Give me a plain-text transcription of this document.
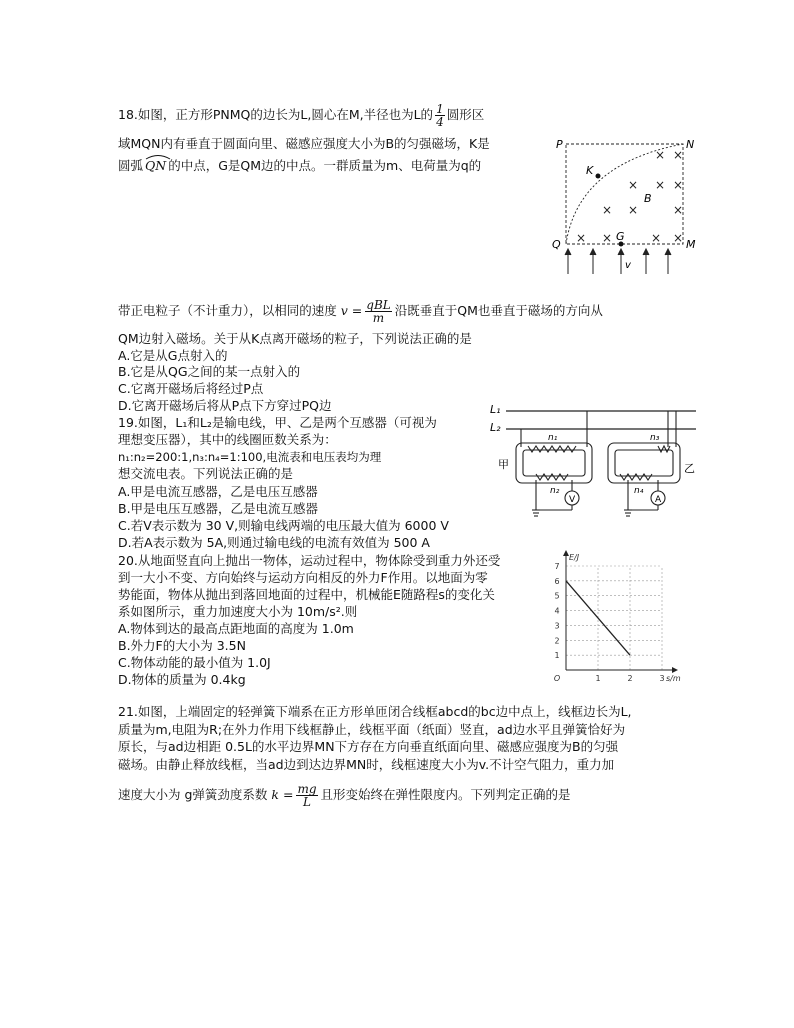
18.如图，正方形PNMQ的边长为L,圆心在M,半径也为L的 $\frac{1}{4}$ 圆形区
域MQN内有垂直于圆面向里、磁感应强度大小为B的匀强磁场，K是
圆弧 QN 的中点，G是QM边的中点。一群质量为m、电荷量为q的
带正电粒子（不计重力），以相同的速度 $v = \frac{\text{qBL}}{m}$ 沿既垂直于QM也垂直于磁场的方向从
QM边射入磁场。关于从K点离开磁场的粒子，下列说法正确的是
A.它是从G点射入的
B.它是从QG之间的某一点射入的
C.它离开磁场后将经过P点
D.它离开磁场后将从P点下方穿过PQ边
× ×
× × ×
× ×	×
× ×	× ×
P	N
K
B
Q
G
M
v
19.如图，L₁和L₂是输电线，甲、乙是两个互感器（可视为
理想变压器），其中的线圈匝数关系为：
n₁:n₂=200:1,n₃:n₄=1:100,电流表和电压表均为理
想交流电表。下列说法正确的是
A.甲是电流互感器，乙是电压互感器
B.甲是电压互感器，乙是电流互感器
C.若V表示数为 30 V,则输电线两端的电压最大值为 6000 V
D.若A表示数为 5A,则通过输电线的电流有效值为 500 A
L₁
L₂
V
n₁
n₂
甲
A
n₃
n₄
乙
20.从地面竖直向上抛出一物体，运动过程中，物体除受到重力外还受
到一大小不变、方向始终与运动方向相反的外力F作用。以地面为零
势能面，物体从抛出到落回地面的过程中，机械能E随路程s的变化关
系如图所示，重力加速度大小为 10m/s².则
A.物体到达的最高点距地面的高度为 1.0m
B.外力F的大小为 3.5N
C.物体动能的最小值为 1.0J
D.物体的质量为 0.4kg
1
2
3
4
5
6
7
1	2	3
O
E/J
s/m
21.如图，上端固定的轻弹簧下端系在正方形单匝闭合线框abcd的bc边中点上，线框边长为L,
质量为m,电阻为R;在外力作用下线框静止，线框平面（纸面）竖直，ad边水平且弹簧恰好为
原长，与ad边相距 0.5L的水平边界MN下方存在方向垂直纸面向里、磁感应强度为B的匀强
磁场。由静止释放线框，当ad边到达边界MN时，线框速度大小为v.不计空气阻力，重力加
速度大小为 g弹簧劲度系数 $k = \frac{mg}{L}$ 且形变始终在弹性限度内。下列判定正确的是
